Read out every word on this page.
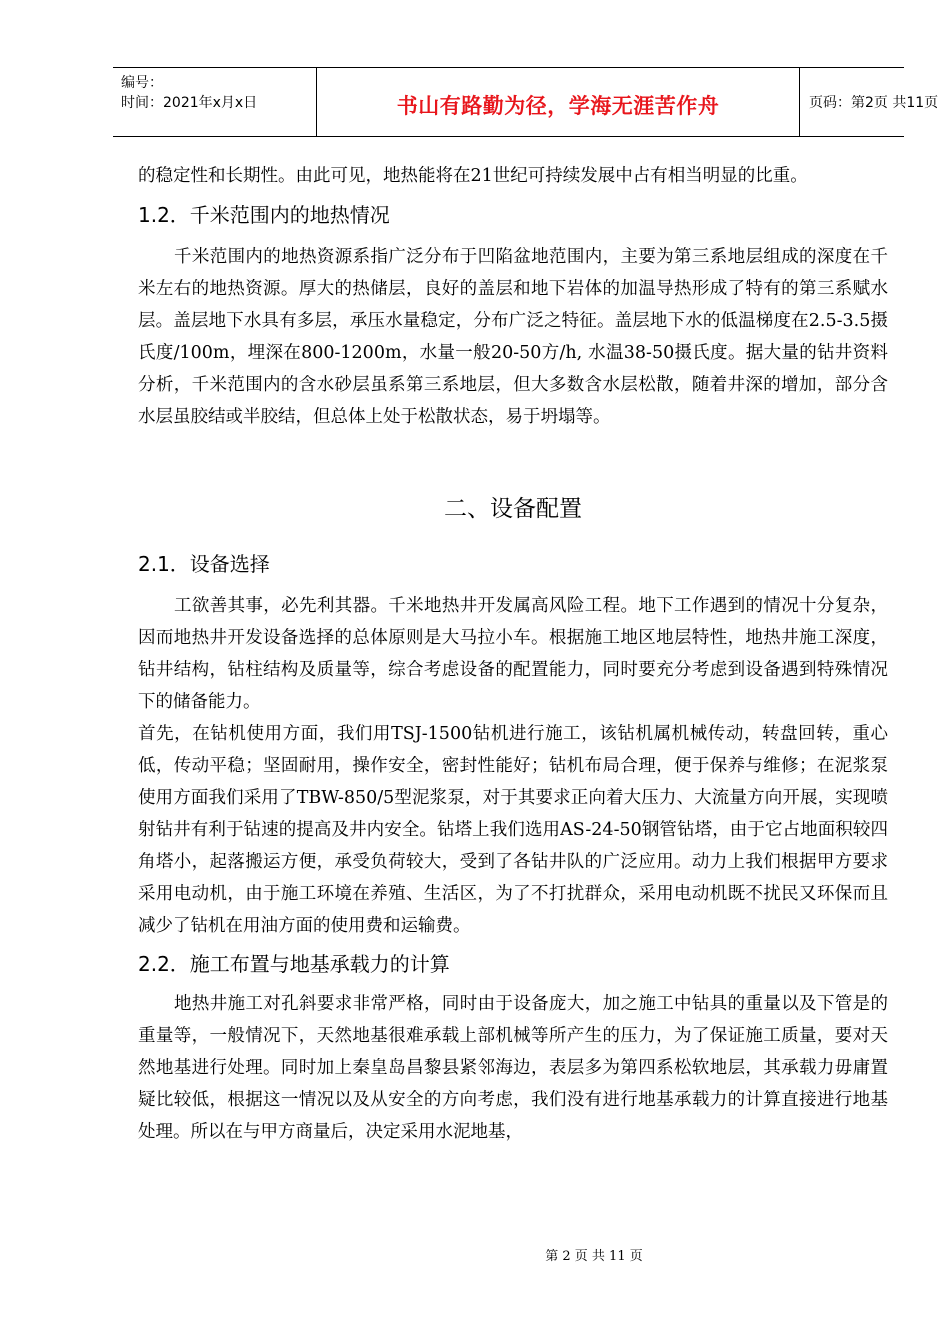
编号：
时间：2021年x月x日	书山有路勤为径，学海无涯苦作舟	页码：第2页 共11页

的稳定性和长期性。由此可见，地热能将在21世纪可持续发展中占有相当明显的比重。

1.2．千米范围内的地热情况

千米范围内的地热资源系指广泛分布于凹陷盆地范围内，主要为第三系地层组成的深度在千米左右的地热资源。厚大的热储层，良好的盖层和地下岩体的加温导热形成了特有的第三系赋水层。盖层地下水具有多层，承压水量稳定，分布广泛之特征。盖层地下水的低温梯度在2.5-3.5摄氏度/100m，埋深在800-1200m，水量一般20-50方/h, 水温38-50摄氏度。据大量的钻井资料分析，千米范围内的含水砂层虽系第三系地层，但大多数含水层松散，随着井深的增加，部分含水层虽胶结或半胶结，但总体上处于松散状态，易于坍塌等。

二、设备配置
2.1．设备选择

工欲善其事，必先利其器。千米地热井开发属高风险工程。地下工作遇到的情况十分复杂，因而地热井开发设备选择的总体原则是大马拉小车。根据施工地区地层特性，地热井施工深度，钻井结构，钻柱结构及质量等，综合考虑设备的配置能力，同时要充分考虑到设备遇到特殊情况下的储备能力。

首先，在钻机使用方面，我们用TSJ-1500钻机进行施工，该钻机属机械传动，转盘回转，重心低，传动平稳；坚固耐用，操作安全，密封性能好；钻机布局合理，便于保养与维修；在泥浆泵使用方面我们采用了TBW-850/5型泥浆泵，对于其要求正向着大压力、大流量方向开展，实现喷射钻井有利于钻速的提高及井内安全。钻塔上我们选用AS-24-50钢管钻塔，由于它占地面积较四角塔小，起落搬运方便，承受负荷较大，受到了各钻井队的广泛应用。动力上我们根据甲方要求采用电动机，由于施工环境在养殖、生活区，为了不打扰群众，采用电动机既不扰民又环保而且减少了钻机在用油方面的使用费和运输费。

2.2．施工布置与地基承载力的计算

地热井施工对孔斜要求非常严格，同时由于设备庞大，加之施工中钻具的重量以及下管是的重量等，一般情况下，天然地基很难承载上部机械等所产生的压力，为了保证施工质量，要对天然地基进行处理。同时加上秦皇岛昌黎县紧邻海边，表层多为第四系松软地层，其承载力毋庸置疑比较低，根据这一情况以及从安全的方向考虑，我们没有进行地基承载力的计算直接进行地基处理。所以在与甲方商量后，决定采用水泥地基，

第 2 页 共 11 页
